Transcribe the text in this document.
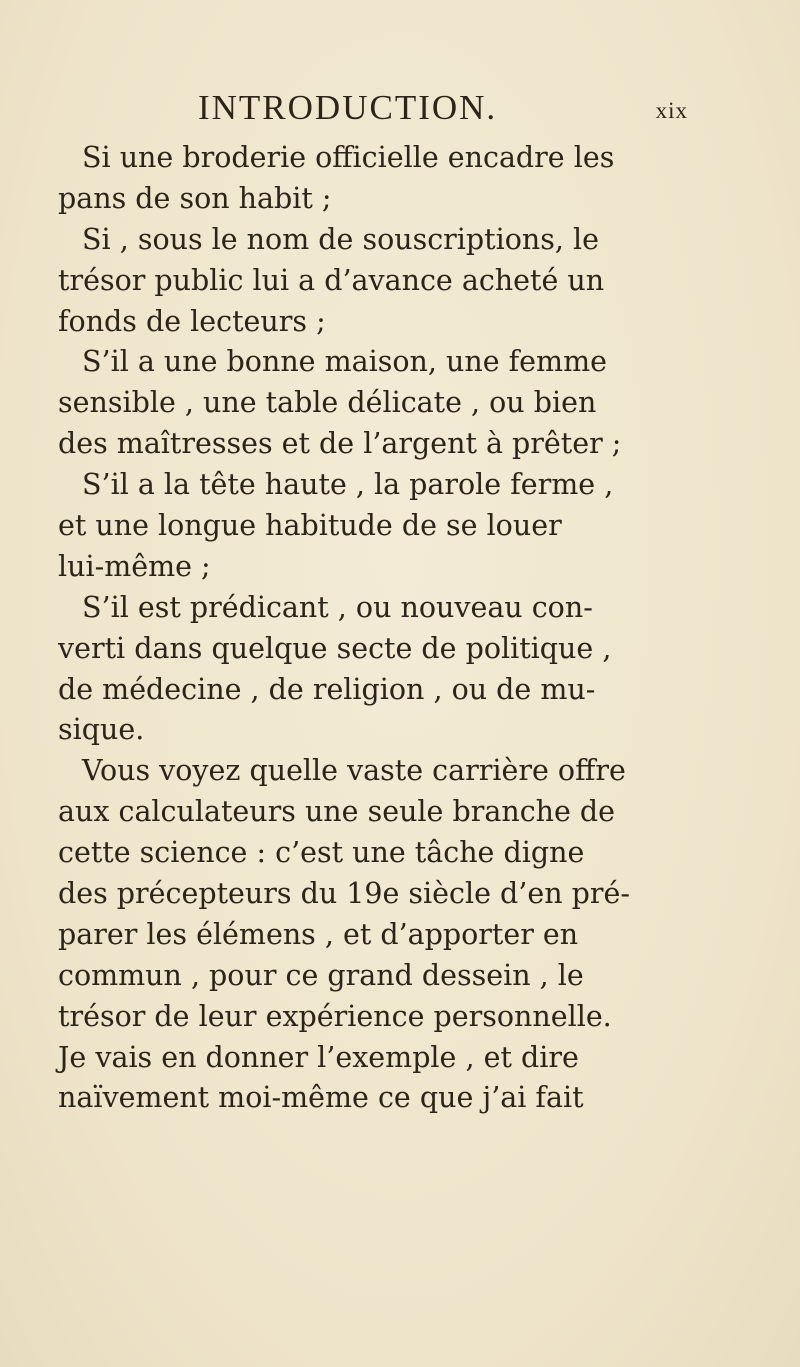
INTRODUCTION.	xix
Si une broderie officielle encadre les
pans de son habit ;
Si , sous le nom de souscriptions, le
trésor public lui a d’avance acheté un
fonds de lecteurs ;
S’il a une bonne maison, une femme
sensible , une table délicate , ou bien
des maîtresses et de l’argent à prêter ;
S’il a la tête haute , la parole ferme ,
et une longue habitude de se louer
lui-même ;
S’il est prédicant , ou nouveau con-
verti dans quelque secte de politique ,
de médecine , de religion , ou de mu-
sique.
Vous voyez quelle vaste carrière offre
aux calculateurs une seule branche de
cette science : c’est une tâche digne
des précepteurs du 19e siècle d’en pré-
parer les élémens , et d’apporter en
commun , pour ce grand dessein , le
trésor de leur expérience personnelle.
Je vais en donner l’exemple , et dire
naïvement moi-même ce que j’ai fait
